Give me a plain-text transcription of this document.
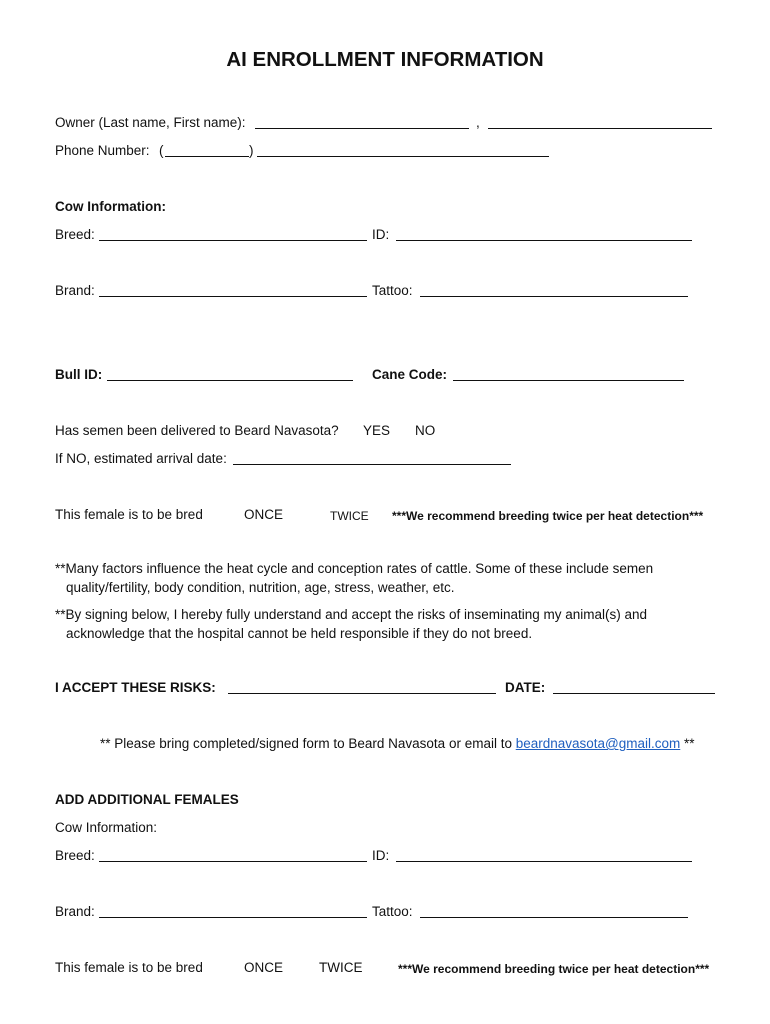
AI ENROLLMENT INFORMATION
Owner (Last name, First name):	,
Phone Number: (	)
Cow Information:
Breed:	ID:
Brand:	Tattoo:
Bull ID:	Cane Code:
Has semen been delivered to Beard Navasota? YES NO
If NO, estimated arrival date:
This female is to be bred	ONCE	TWICE ***We recommend breeding twice per heat detection***
**Many factors influence the heat cycle and conception rates of cattle. Some of these include semen
quality/fertility, body condition, nutrition, age, stress, weather, etc.
**By signing below, I hereby fully understand and accept the risks of inseminating my animal(s) and
acknowledge that the hospital cannot be held responsible if they do not breed.
I ACCEPT THESE RISKS:	DATE:
** Please bring completed/signed form to Beard Navasota or email to beardnavasota@gmail.com **
ADD ADDITIONAL FEMALES
Cow Information:
Breed:	ID:
Brand:	Tattoo:
This female is to be bred	ONCE	TWICE	***We recommend breeding twice per heat detection***
